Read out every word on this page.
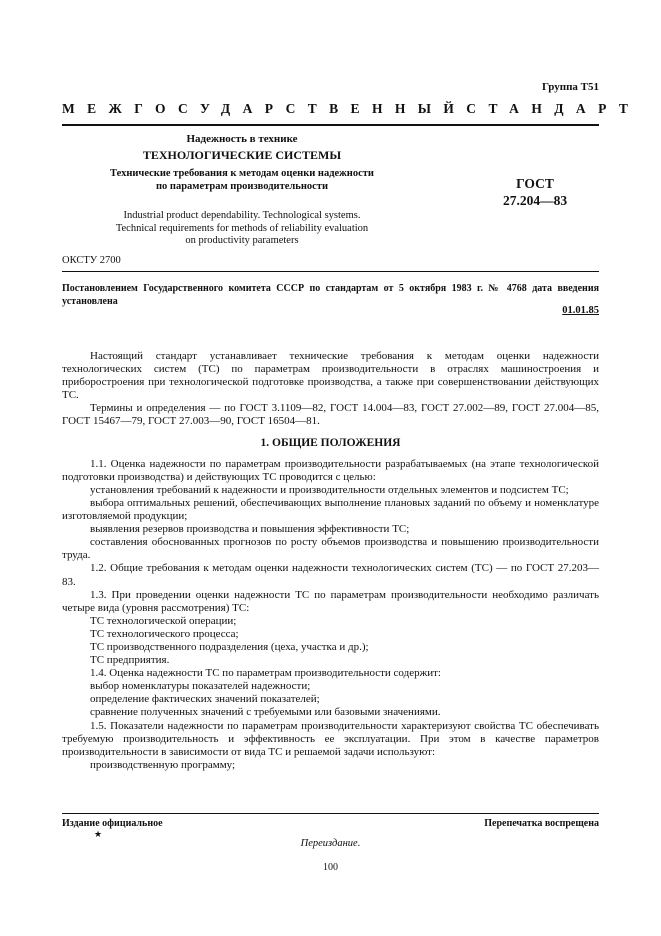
Группа Т51
МЕЖГОСУДАРСТВЕННЫЙ СТАНДАРТ
Надежность в технике
ТЕХНОЛОГИЧЕСКИЕ СИСТЕМЫ
Технические требования к методам оценки надежности
по параметрам производительности
Industrial product dependability. Technological systems.
Technical requirements for methods of reliability evaluation
on productivity parameters
ГОСТ
27.204—83
ОКСТУ 2700
Постановлением Государственного комитета СССР по стандартам от 5 октября 1983 г. № 4768 дата введения установлена
01.01.85

Настоящий стандарт устанавливает технические требования к методам оценки надежности технологических систем (ТС) по параметрам производительности в отраслях машиностроения и приборостроения при технологической подготовке производства, а также при совершенствовании действующих ТС.

Термины и определения — по ГОСТ 3.1109—82, ГОСТ 14.004—83, ГОСТ 27.002—89, ГОСТ 27.004—85, ГОСТ 15467—79, ГОСТ 27.003—90, ГОСТ 16504—81.

1. ОБЩИЕ ПОЛОЖЕНИЯ

1.1. Оценка надежности по параметрам производительности разрабатываемых (на этапе технологической подготовки производства) и действующих ТС проводится с целью:

установления требований к надежности и производительности отдельных элементов и подсистем ТС;

выбора оптимальных решений, обеспечивающих выполнение плановых заданий по объему и номенклатуре изготовляемой продукции;

выявления резервов производства и повышения эффективности ТС;

составления обоснованных прогнозов по росту объемов производства и повышению производительности труда.

1.2. Общие требования к методам оценки надежности технологических систем (ТС) — по ГОСТ 27.203—83.

1.3. При проведении оценки надежности ТС по параметрам производительности необходимо различать четыре вида (уровня рассмотрения) ТС:

ТС технологической операции;

ТС технологического процесса;

ТС производственного подразделения (цеха, участка и др.);

ТС предприятия.

1.4. Оценка надежности ТС по параметрам производительности содержит:

выбор номенклатуры показателей надежности;

определение фактических значений показателей;

сравнение полученных значений с требуемыми или базовыми значениями.

1.5. Показатели надежности по параметрам производительности характеризуют свойства ТС обеспечивать требуемую производительность и эффективность ее эксплуатации. При этом в качестве параметров производительности в зависимости от вида ТС и решаемой задачи используют:

производственную программу;

Издание официальное	Перепечатка воспрещена
★
Переиздание.
100
